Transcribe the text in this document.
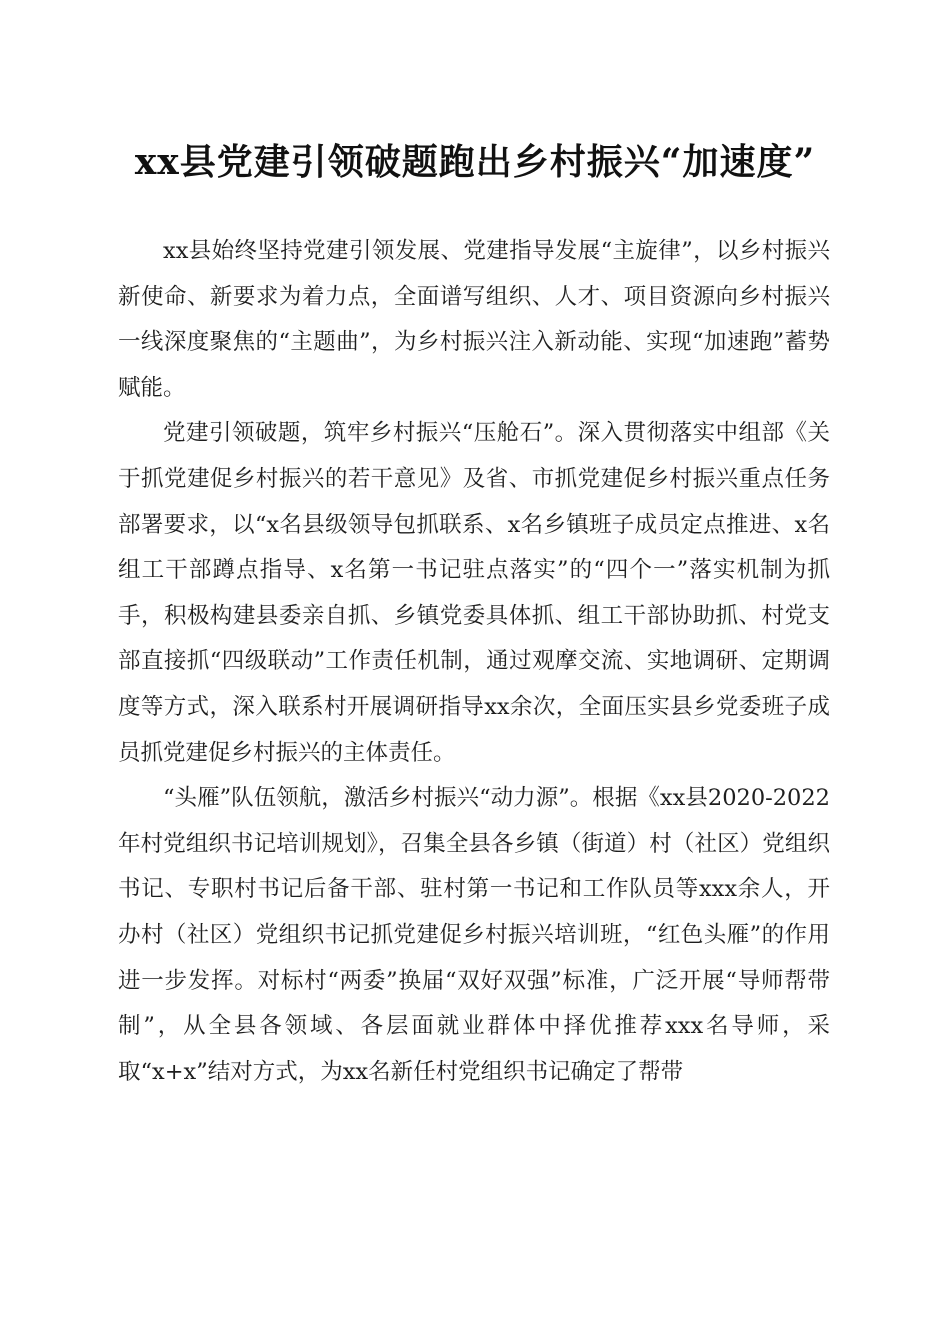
xx县党建引领破题跑出乡村振兴“加速度”

xx县始终坚持党建引领发展、党建指导发展“主旋律”，以乡村振兴新使命、新要求为着力点，全面谱写组织、人才、项目资源向乡村振兴一线深度聚焦的“主题曲”，为乡村振兴注入新动能、实现“加速跑”蓄势赋能。

党建引领破题，筑牢乡村振兴“压舱石”。深入贯彻落实中组部《关于抓党建促乡村振兴的若干意见》及省、市抓党建促乡村振兴重点任务部署要求，以“x名县级领导包抓联系、x名乡镇班子成员定点推进、x名组工干部蹲点指导、x名第一书记驻点落实”的“四个一”落实机制为抓手，积极构建县委亲自抓、乡镇党委具体抓、组工干部协助抓、村党支部直接抓“四级联动”工作责任机制，通过观摩交流、实地调研、定期调度等方式，深入联系村开展调研指导xx余次，全面压实县乡党委班子成员抓党建促乡村振兴的主体责任。

“头雁”队伍领航，激活乡村振兴“动力源”。根据《xx县2020-2022年村党组织书记培训规划》，召集全县各乡镇（街道）村（社区）党组织书记、专职村书记后备干部、驻村第一书记和工作队员等xxx余人，开办村（社区）党组织书记抓党建促乡村振兴培训班，“红色头雁”的作用进一步发挥。对标村“两委”换届“双好双强”标准，广泛开展“导师帮带制”，从全县各领域、各层面就业群体中择优推荐xxx名导师，采取“x+x”结对方式，为xx名新任村党组织书记确定了帮带
